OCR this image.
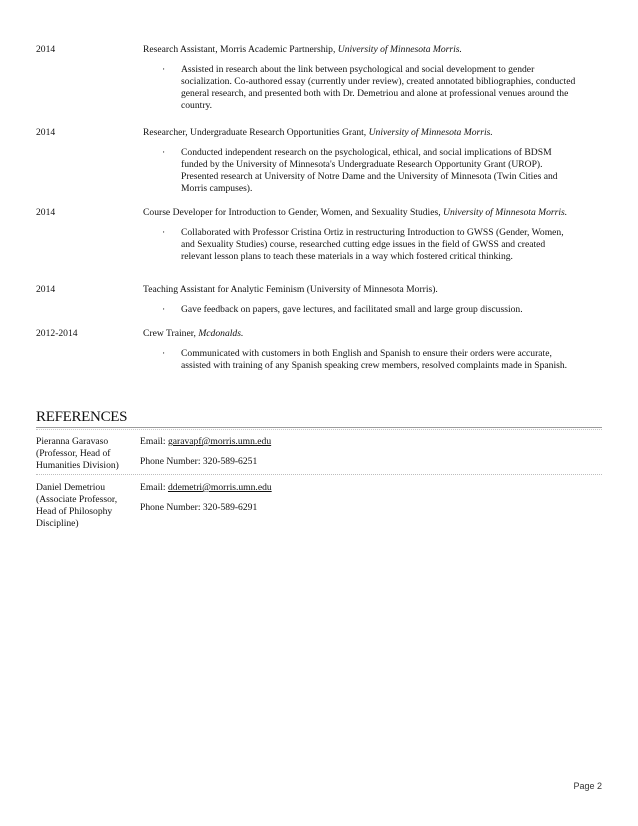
2014	Research Assistant, Morris Academic Partnership, University of Minnesota Morris.
· Assisted in research about the link between psychological and social development to gender socialization. Co-authored essay (currently under review), created annotated bibliographies, conducted general research, and presented both with Dr. Demetriou and alone at professional venues around the country.
2014	Researcher, Undergraduate Research Opportunities Grant, University of Minnesota Morris.
· Conducted independent research on the psychological, ethical, and social implications of BDSM funded by the University of Minnesota's Undergraduate Research Opportunity Grant (UROP). Presented research at University of Notre Dame and the University of Minnesota (Twin Cities and Morris campuses).
2014	Course Developer for Introduction to Gender, Women, and Sexuality Studies, University of Minnesota Morris.
· Collaborated with Professor Cristina Ortiz in restructuring Introduction to GWSS (Gender, Women, and Sexuality Studies) course, researched cutting edge issues in the field of GWSS and created relevant lesson plans to teach these materials in a way which fostered critical thinking.
2014	Teaching Assistant for Analytic Feminism (University of Minnesota Morris).
· Gave feedback on papers, gave lectures, and facilitated small and large group discussion.
2012-2014	Crew Trainer, Mcdonalds.
· Communicated with customers in both English and Spanish to ensure their orders were accurate, assisted with training of any Spanish speaking crew members, resolved complaints made in Spanish.
REFERENCES
Pieranna Garavaso (Professor, Head of Humanities Division)
Email: garavapf@morris.umn.edu
Phone Number: 320-589-6251
Daniel Demetriou (Associate Professor, Head of Philosophy Discipline)
Email: ddemetri@morris.umn.edu
Phone Number: 320-589-6291
Page 2
